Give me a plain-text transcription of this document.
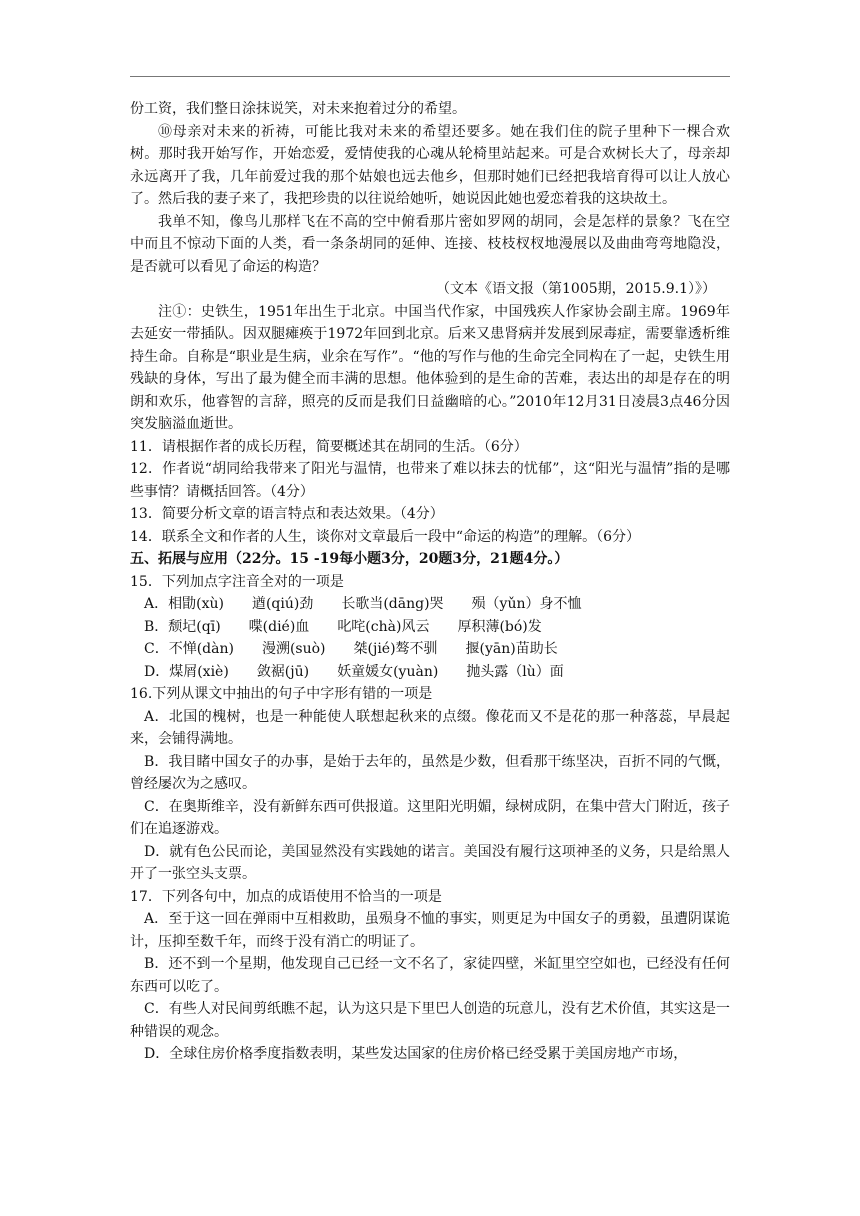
份工资，我们整日涂抹说笑，对未来抱着过分的希望。

⑩母亲对未来的祈祷，可能比我对未来的希望还要多。她在我们住的院子里种下一棵合欢树。那时我开始写作，开始恋爱，爱情使我的心魂从轮椅里站起来。可是合欢树长大了，母亲却永远离开了我，几年前爱过我的那个姑娘也远去他乡，但那时她们已经把我培育得可以让人放心了。然后我的妻子来了，我把珍贵的以往说给她听，她说因此她也爱恋着我的这块故土。

我单不知，像鸟儿那样飞在不高的空中俯看那片密如罗网的胡同，会是怎样的景象？飞在空中而且不惊动下面的人类，看一条条胡同的延伸、连接、枝枝杈杈地漫展以及曲曲弯弯地隐没，是否就可以看见了命运的构造？

（文本《语文报（第1005期，2015.9.1）》）

注①：史铁生，1951年出生于北京。中国当代作家，中国残疾人作家协会副主席。1969年去延安一带插队。因双腿瘫痪于1972年回到北京。后来又患肾病并发展到尿毒症，需要靠透析维持生命。自称是“职业是生病，业余在写作”。“他的写作与他的生命完全同构在了一起，史铁生用残缺的身体，写出了最为健全而丰满的思想。他体验到的是生命的苦难，表达出的却是存在的明朗和欢乐，他睿智的言辞，照亮的反而是我们日益幽暗的心。”2010年12月31日凌晨3点46分因突发脑溢血逝世。

11．请根据作者的成长历程，简要概述其在胡同的生活。（6分）

12．作者说“胡同给我带来了阳光与温情，也带来了难以抹去的忧郁”，这“阳光与温情”指的是哪些事情？请概括回答。（4分）

13．简要分析文章的语言特点和表达效果。（4分）

14．联系全文和作者的人生，谈你对文章最后一段中“命运的构造”的理解。（6分）

五、拓展与应用（22分。15 -19每小题3分，20题3分，21题4分。）

15．下列加点字注音全对的一项是

A．相勖(xù) 遒(qiú)劲 长歌当(dāng)哭 殒（yǔn）身不恤

B．颓圮(qī) 喋(dié)血 叱咤(chà)风云 厚积薄(bó)发

C．不惮(dàn) 漫溯(suò) 桀(jié)骜不驯 揠(yān)苗助长

D．煤屑(xiè) 敛裾(jū) 妖童媛女(yuàn) 抛头露（lù）面

16.下列从课文中抽出的句子中字形有错的一项是

A．北国的槐树，也是一种能使人联想起秋来的点缀。像花而又不是花的那一种落蕊，早晨起来，会铺得满地。

B．我目睹中国女子的办事，是始于去年的，虽然是少数，但看那干练坚决，百折不同的气慨，曾经屡次为之感叹。

C．在奥斯维辛，没有新鲜东西可供报道。这里阳光明媚，绿树成阴，在集中营大门附近，孩子们在追逐游戏。

D．就有色公民而论，美国显然没有实践她的诺言。美国没有履行这项神圣的义务，只是给黑人开了一张空头支票。

17．下列各句中，加点的成语使用不恰当的一项是

A．至于这一回在弹雨中互相救助，虽殒身不恤的事实，则更足为中国女子的勇毅，虽遭阴谋诡计，压抑至数千年，而终于没有消亡的明证了。

B．还不到一个星期，他发现自己已经一文不名了，家徒四壁，米缸里空空如也，已经没有任何东西可以吃了。

C．有些人对民间剪纸瞧不起，认为这只是下里巴人创造的玩意儿，没有艺术价值，其实这是一种错误的观念。

D．全球住房价格季度指数表明，某些发达国家的住房价格已经受累于美国房地产市场，
